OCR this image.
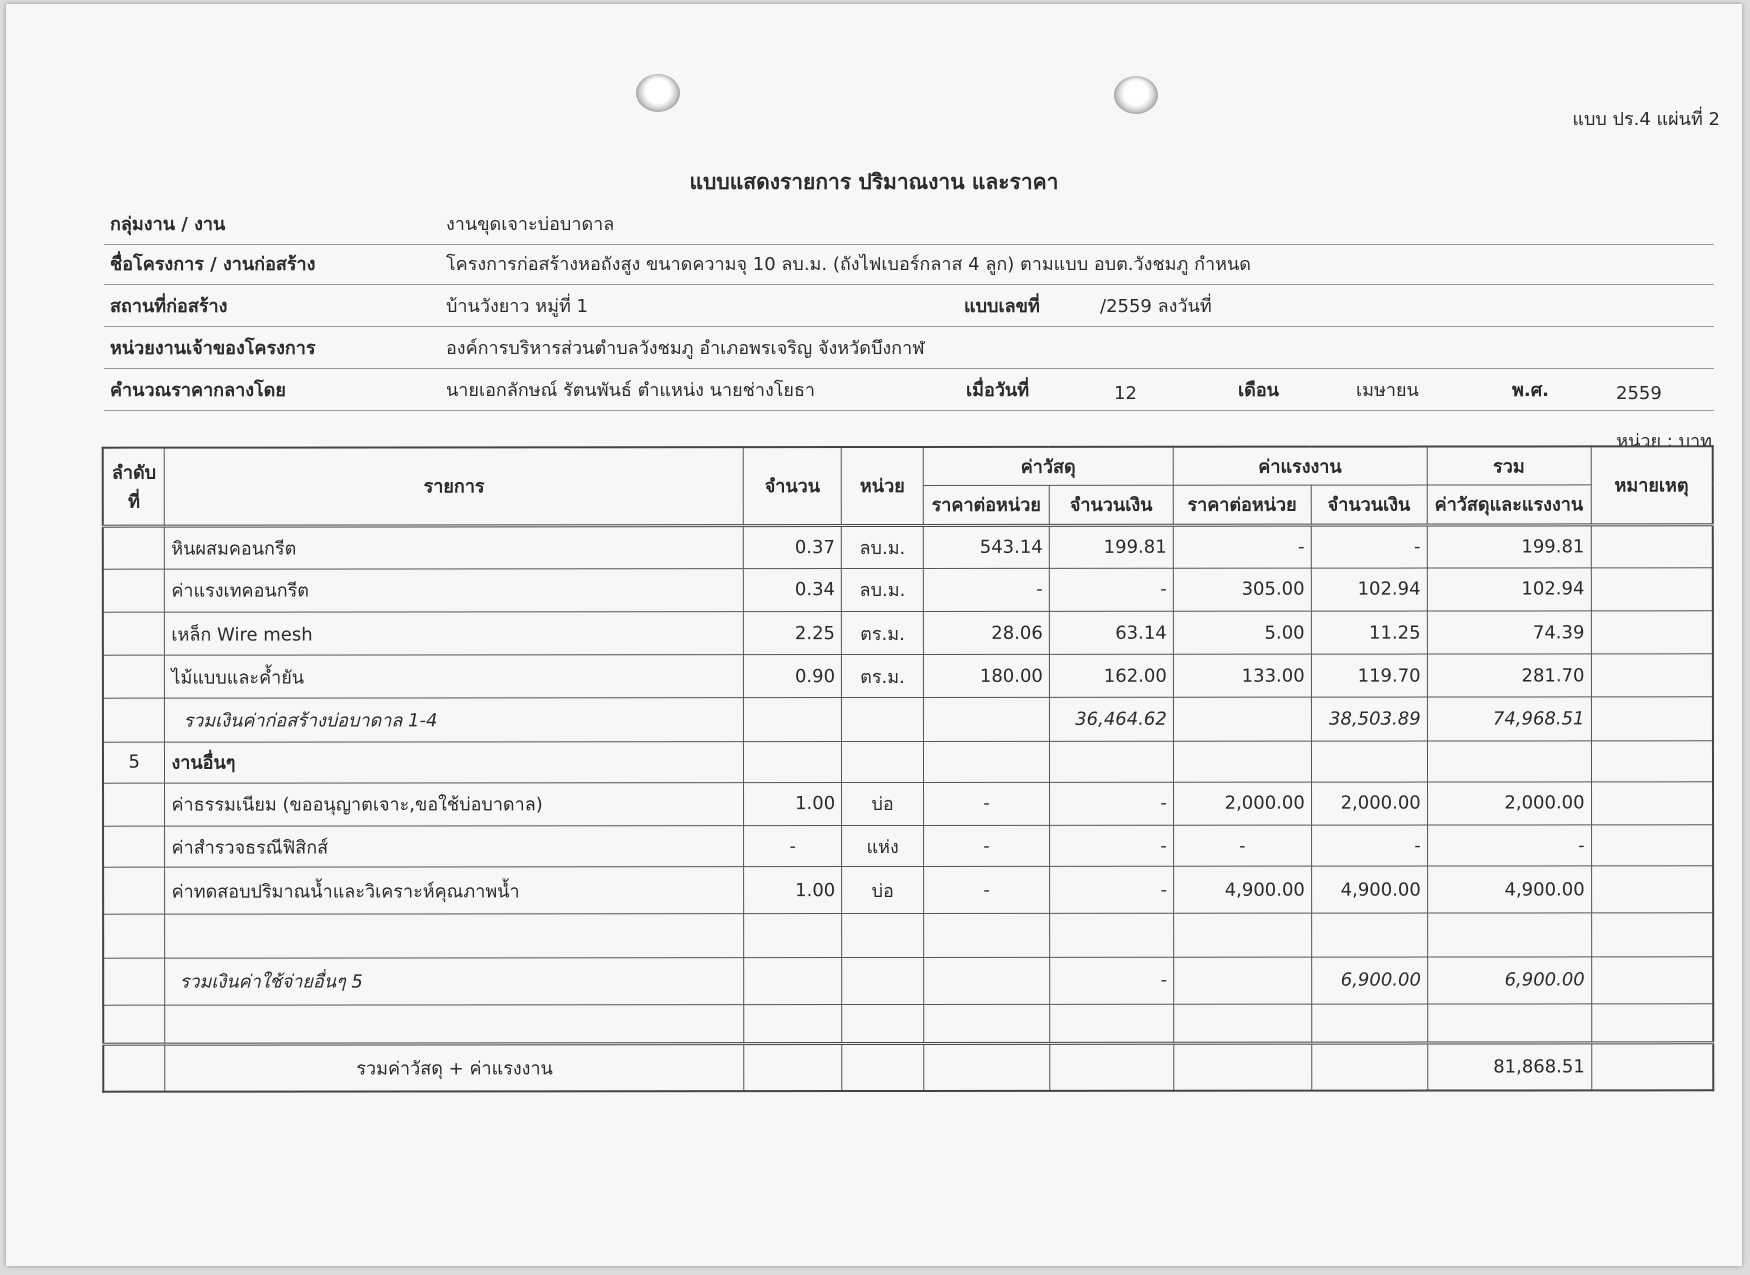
แบบ ปร.4 แผ่นที่ 2
แบบแสดงรายการ ปริมาณงาน และราคา
กลุ่มงาน / งาน	งานขุดเจาะบ่อบาดาล
ชื่อโครงการ / งานก่อสร้าง	โครงการก่อสร้างหอถังสูง ขนาดความจุ 10 ลบ.ม. (ถังไฟเบอร์กลาส 4 ลูก) ตามแบบ อบต.วังชมภู กำหนด
สถานที่ก่อสร้าง	บ้านวังยาว หมู่ที่ 1	แบบเลขที่	/2559 ลงวันที่
หน่วยงานเจ้าของโครงการ	องค์การบริหารส่วนตำบลวังชมภู อำเภอพรเจริญ จังหวัดบึงกาฬ
คำนวณราคากลางโดย	นายเอกลักษณ์ รัตนพันธ์ ตำแหน่ง นายช่างโยธา	เมื่อวันที่	12	เดือน	เมษายน	พ.ศ.	2559
หน่วย : บาท
ลำดับที่	รายการ	จำนวน	หน่วย	ค่าวัสดุ		ค่าแรงงาน		รวม	หมายเหตุ
				ราคาต่อหน่วย	จำนวนเงิน	ราคาต่อหน่วย	จำนวนเงิน	ค่าวัสดุและแรงงาน	
	หินผสมคอนกรีต	0.37	ลบ.ม.	543.14	199.81	-	-	199.81	
	ค่าแรงเทคอนกรีต	0.34	ลบ.ม.	-	-	305.00	102.94	102.94	
	เหล็ก Wire mesh	2.25	ตร.ม.	28.06	63.14	5.00	11.25	74.39	
	ไม้แบบและค้ำยัน	0.90	ตร.ม.	180.00	162.00	133.00	119.70	281.70	
	รวมเงินค่าก่อสร้างบ่อบาดาล 1-4				36,464.62		38,503.89	74,968.51	
5	งานอื่นๆ								
	ค่าธรรมเนียม (ขออนุญาตเจาะ,ขอใช้บ่อบาดาล)	1.00	บ่อ	-	-	2,000.00	2,000.00	2,000.00	
	ค่าสำรวจธรณีฟิสิกส์	-	แห่ง	-	-	-	-	-	
	ค่าทดสอบปริมาณน้ำและวิเคราะห์คุณภาพน้ำ	1.00	บ่อ	-	-	4,900.00	4,900.00	4,900.00	

	รวมเงินค่าใช้จ่ายอื่นๆ 5				-		6,900.00	6,900.00	

	รวมค่าวัสดุ + ค่าแรงงาน							81,868.51	
